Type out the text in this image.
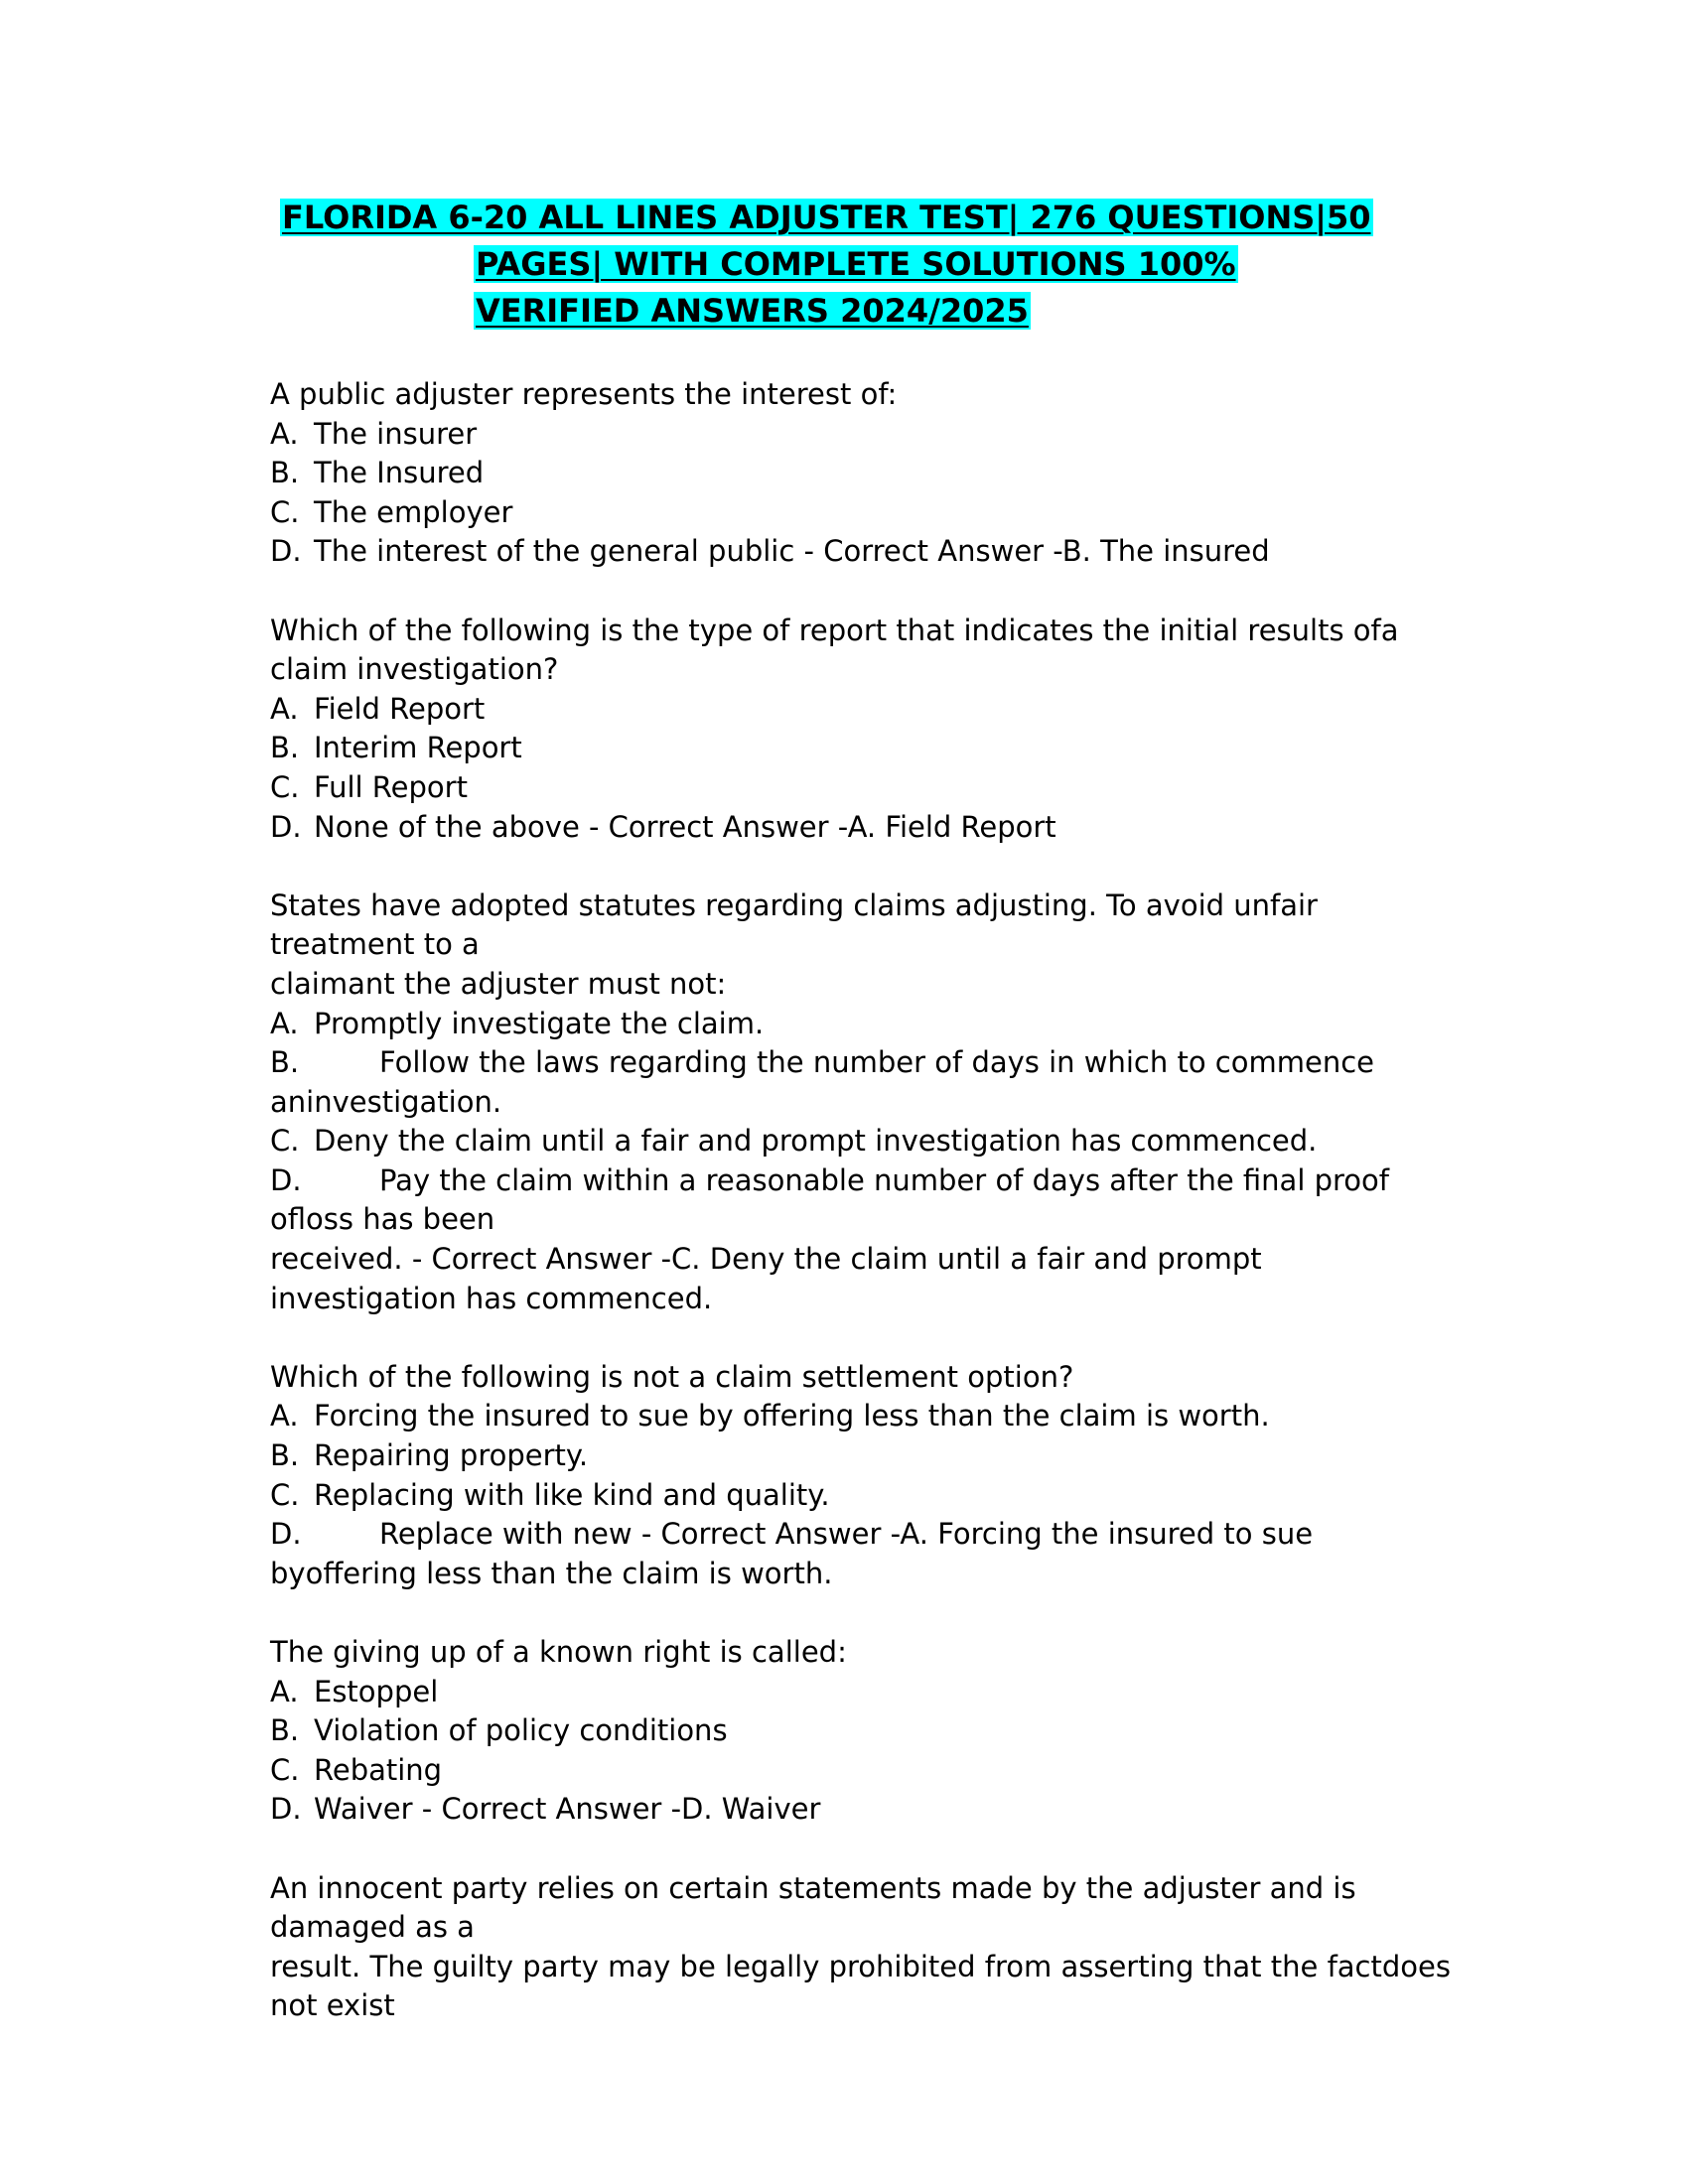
FLORIDA 6-20 ALL LINES ADJUSTER TEST| 276 QUESTIONS|50
PAGES| WITH COMPLETE SOLUTIONS 100%
VERIFIED ANSWERS 2024/2025
A public adjuster represents the interest of:
A. The insurer
B. The Insured
C. The employer
D. The interest of the general public - Correct Answer -B. The insured
Which of the following is the type of report that indicates the initial results ofa
claim investigation?
A. Field Report
B. Interim Report
C. Full Report
D. None of the above - Correct Answer -A. Field Report
States have adopted statutes regarding claims adjusting. To avoid unfair
treatment to a
claimant the adjuster must not:
A. Promptly investigate the claim.
B.	Follow the laws regarding the number of days in which to commence
aninvestigation.
C. Deny the claim until a fair and prompt investigation has commenced.
D.	Pay the claim within a reasonable number of days after the final proof
ofloss has been
received. - Correct Answer -C. Deny the claim until a fair and prompt
investigation has commenced.
Which of the following is not a claim settlement option?
A. Forcing the insured to sue by offering less than the claim is worth.
B. Repairing property.
C. Replacing with like kind and quality.
D.	Replace with new - Correct Answer -A. Forcing the insured to sue
byoffering less than the claim is worth.
The giving up of a known right is called:
A. Estoppel
B. Violation of policy conditions
C. Rebating
D. Waiver - Correct Answer -D. Waiver
An innocent party relies on certain statements made by the adjuster and is
damaged as a
result. The guilty party may be legally prohibited from asserting that the factdoes
not exist
